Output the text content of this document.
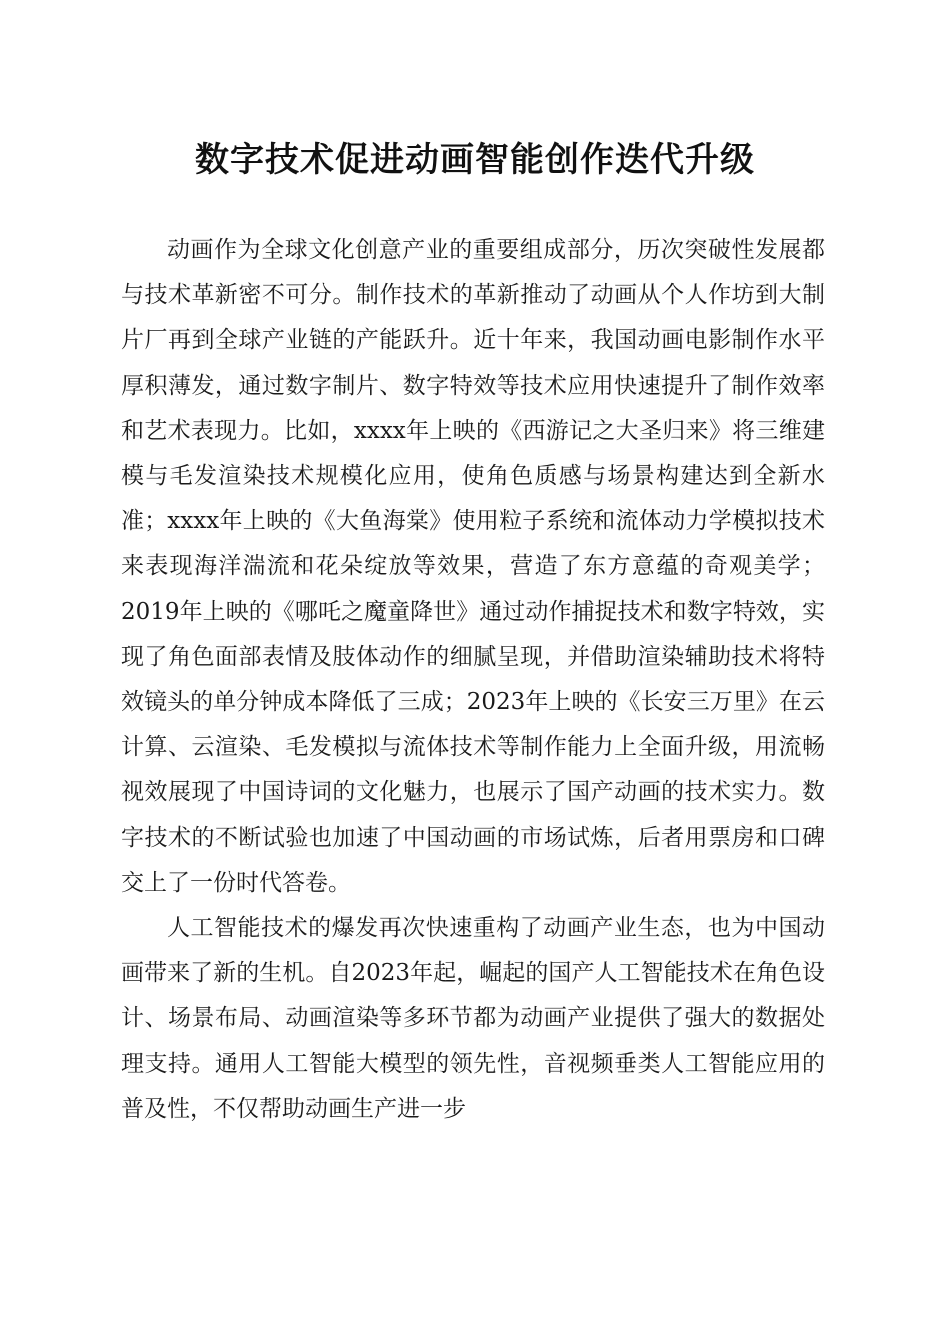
数字技术促进动画智能创作迭代升级

动画作为全球文化创意产业的重要组成部分，历次突破性发展都与技术革新密不可分。制作技术的革新推动了动画从个人作坊到大制片厂再到全球产业链的产能跃升。近十年来，我国动画电影制作水平厚积薄发，通过数字制片、数字特效等技术应用快速提升了制作效率和艺术表现力。比如，xxxx年上映的《西游记之大圣归来》将三维建模与毛发渲染技术规模化应用，使角色质感与场景构建达到全新水准；xxxx年上映的《大鱼海棠》使用粒子系统和流体动力学模拟技术来表现海洋湍流和花朵绽放等效果，营造了东方意蕴的奇观美学；2019年上映的《哪吒之魔童降世》通过动作捕捉技术和数字特效，实现了角色面部表情及肢体动作的细腻呈现，并借助渲染辅助技术将特效镜头的单分钟成本降低了三成；2023年上映的《长安三万里》在云计算、云渲染、毛发模拟与流体技术等制作能力上全面升级，用流畅视效展现了中国诗词的文化魅力，也展示了国产动画的技术实力。数字技术的不断试验也加速了中国动画的市场试炼，后者用票房和口碑交上了一份时代答卷。

人工智能技术的爆发再次快速重构了动画产业生态，也为中国动画带来了新的生机。自2023年起，崛起的国产人工智能技术在角色设计、场景布局、动画渲染等多环节都为动画产业提供了强大的数据处理支持。通用人工智能大模型的领先性，音视频垂类人工智能应用的普及性，不仅帮助动画生产进一步
